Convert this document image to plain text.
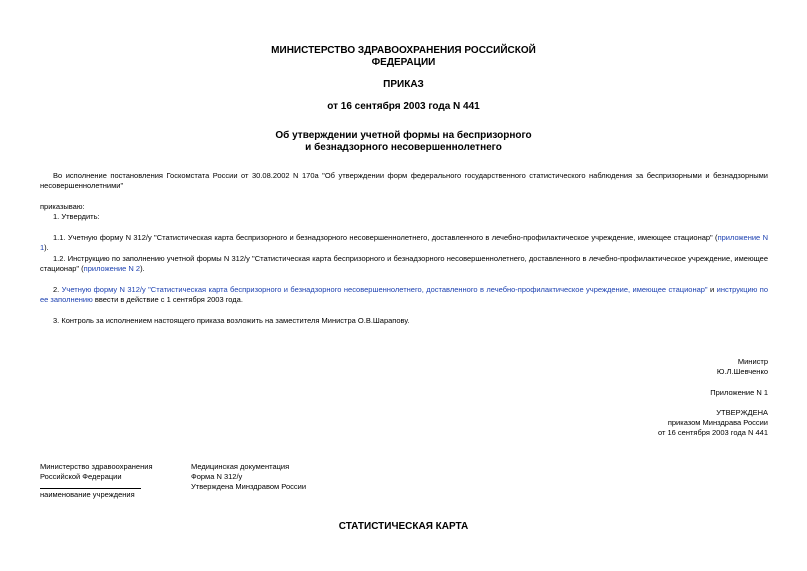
МИНИСТЕРСТВО ЗДРАВООХРАНЕНИЯ РОССИЙСКОЙ
ФЕДЕРАЦИИ
ПРИКАЗ
от 16 сентября 2003 года N 441
Об утверждении учетной формы на беспризорного
и безнадзорного несовершеннолетнего
Во исполнение постановления Госкомстата России от 30.08.2002 N 170а "Об утверждении форм федерального государственного статистического наблюдения за беспризорными и безнадзорными несовершеннолетними"
приказываю:
1. Утвердить:
1.1. Учетную форму N 312/у "Статистическая карта беспризорного и безнадзорного несовершеннолетнего, доставленного в лечебно-профилактическое учреждение, имеющее стационар" (приложение N 1).
1.2. Инструкцию по заполнению учетной формы N 312/у "Статистическая карта беспризорного и безнадзорного несовершеннолетнего, доставленного в лечебно-профилактическое учреждение, имеющее стационар" (приложение N 2).
2. Учетную форму N 312/у "Статистическая карта беспризорного и безнадзорного несовершеннолетнего, доставленного в лечебно-профилактическое учреждение, имеющее стационар" и инструкцию по ее заполнению ввести в действие с 1 сентября 2003 года.
3. Контроль за исполнением настоящего приказа возложить на заместителя Министра О.В.Шарапову.
Министр
Ю.Л.Шевченко
Приложение N 1
УТВЕРЖДЕНА
приказом Минздрава России
от 16 сентября 2003 года N 441
Министерство здравоохранения
Российской Федерации
наименование учреждения
Медицинская документация
Форма N 312/у
Утверждена Минздравом России
СТАТИСТИЧЕСКАЯ КАРТА
